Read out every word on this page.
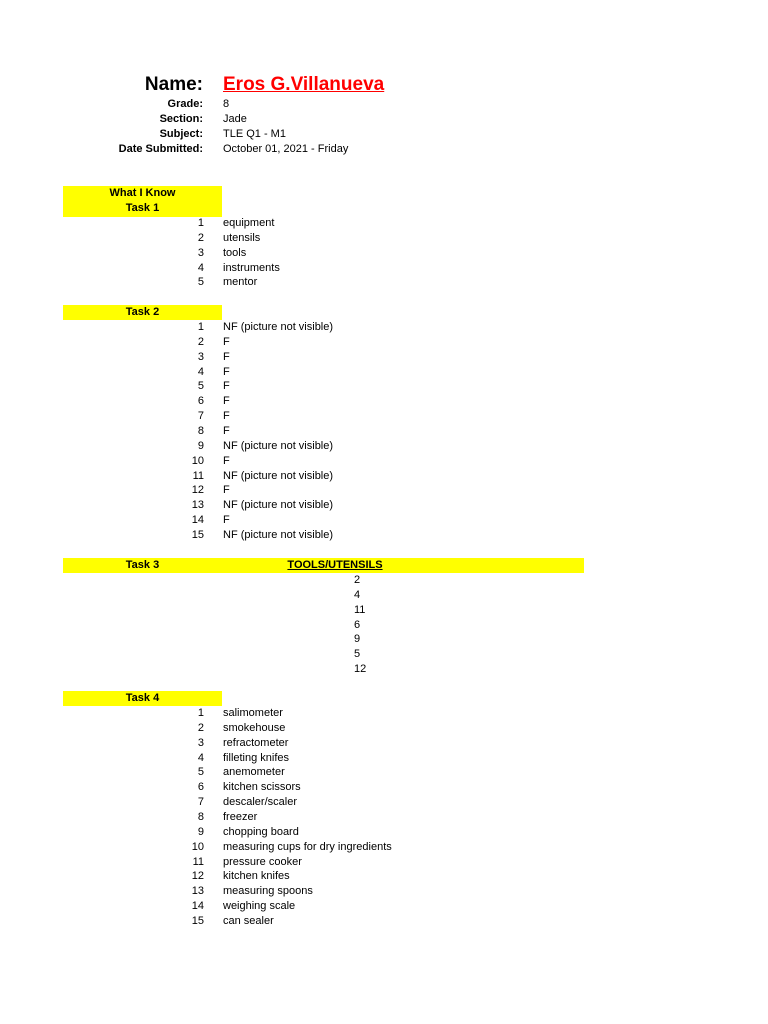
Name: Eros G.Villanueva
Grade: 8
Section: Jade
Subject: TLE Q1 - M1
Date Submitted: October 01, 2021 - Friday
What I Know
Task 1
1 equipment
2 utensils
3 tools
4 instruments
5 mentor
Task 2
1 NF (picture not visible)
2 F
3 F
4 F
5 F
6 F
7 F
8 F
9 NF (picture not visible)
10 F
11 NF (picture not visible)
12 F
13 NF (picture not visible)
14 F
15 NF (picture not visible)
Task 3	TOOLS/UTENSILS
2
4
11
6
9
5
12
Task 4
1 salimometer
2 smokehouse
3 refractometer
4 filleting knifes
5 anemometer
6 kitchen scissors
7 descaler/scaler
8 freezer
9 chopping board
10 measuring cups for dry ingredients
11 pressure cooker
12 kitchen knifes
13 measuring spoons
14 weighing scale
15 can sealer
